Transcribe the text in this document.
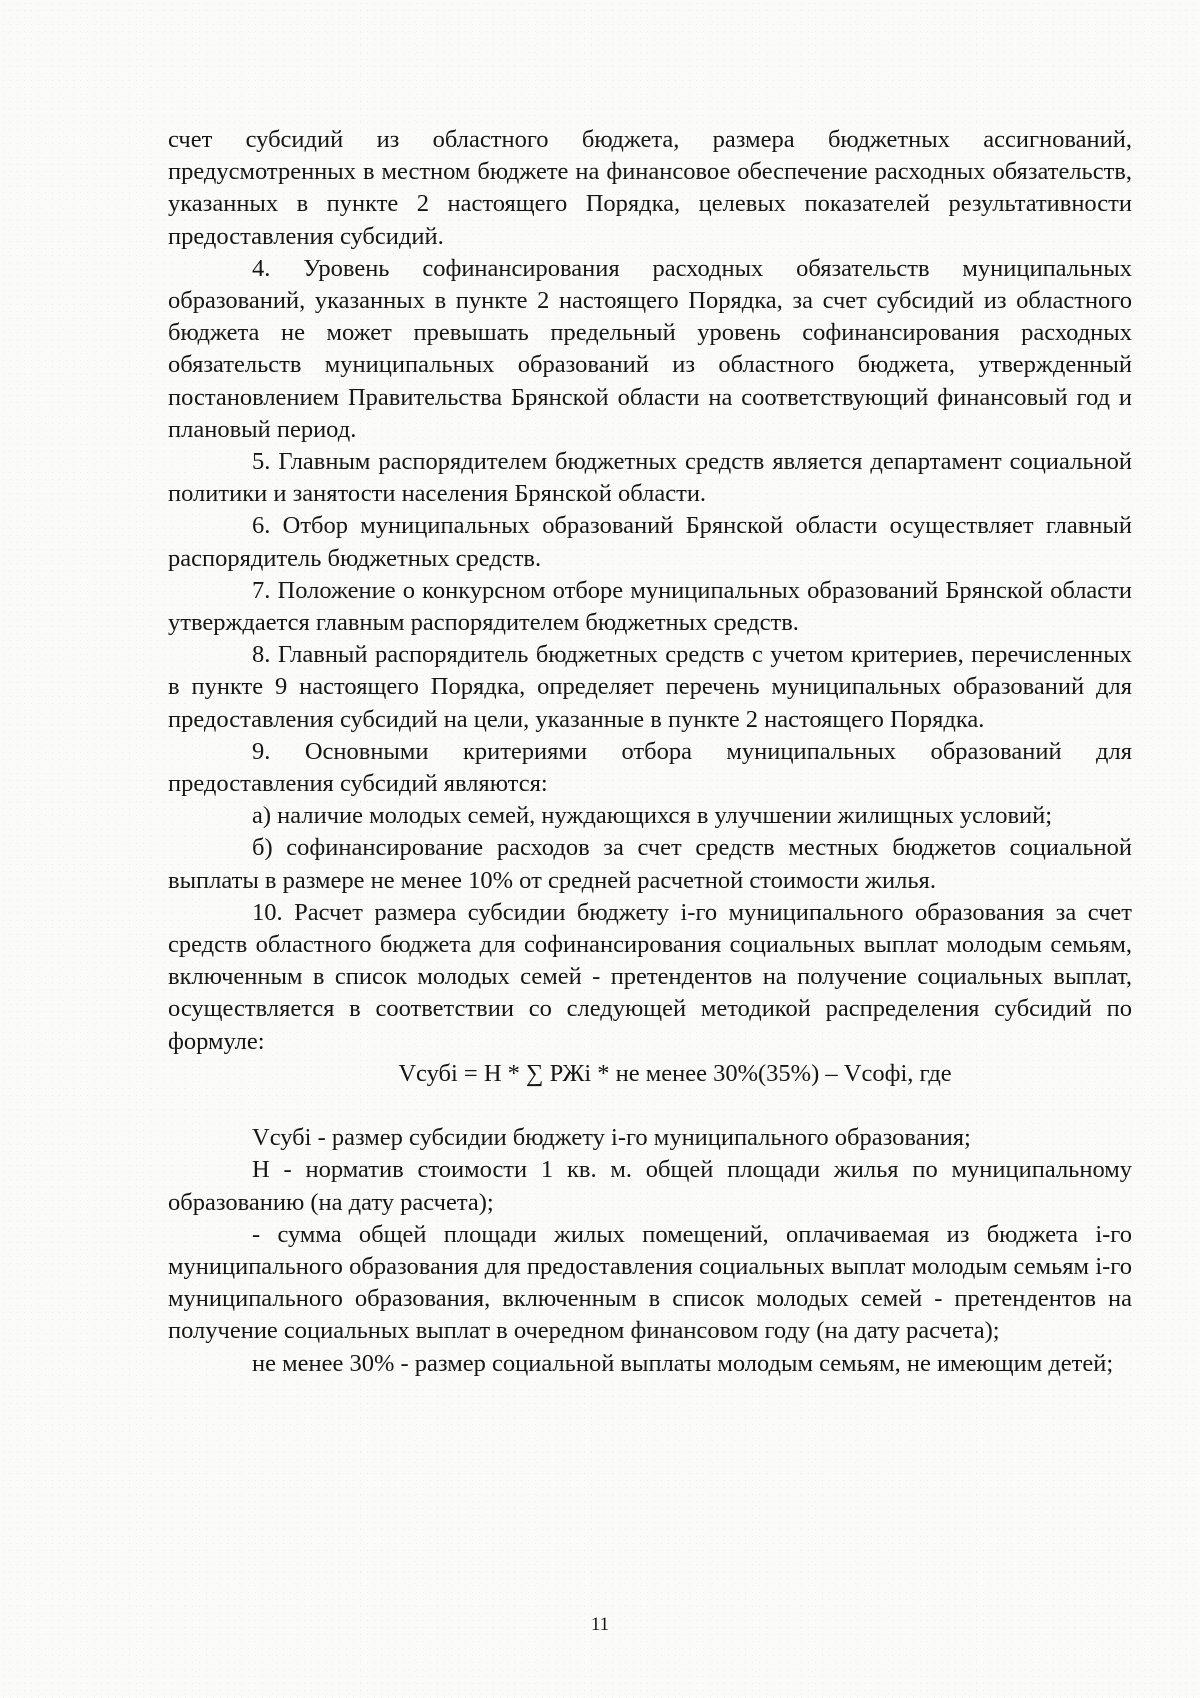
счет субсидий из областного бюджета, размера бюджетных ассигнований, предусмотренных в местном бюджете на финансовое обеспечение расходных обязательств, указанных в пункте 2 настоящего Порядка, целевых показателей результативности предоставления субсидий.

4. Уровень софинансирования расходных обязательств муниципальных образований, указанных в пункте 2 настоящего Порядка, за счет субсидий из областного бюджета не может превышать предельный уровень софинансирования расходных обязательств муниципальных образований из областного бюджета, утвержденный постановлением Правительства Брянской области на соответствующий финансовый год и плановый период.

5. Главным распорядителем бюджетных средств является департамент социальной политики и занятости населения Брянской области.

6. Отбор муниципальных образований Брянской области осуществляет главный распорядитель бюджетных средств.

7. Положение о конкурсном отборе муниципальных образований Брянской области утверждается главным распорядителем бюджетных средств.

8. Главный распорядитель бюджетных средств с учетом критериев, перечисленных в пункте 9 настоящего Порядка, определяет перечень муниципальных образований для предоставления субсидий на цели, указанные в пункте 2 настоящего Порядка.

9. Основными критериями отбора муниципальных образований для предоставления субсидий являются:

а) наличие молодых семей, нуждающихся в улучшении жилищных условий;

б) софинансирование расходов за счет средств местных бюджетов социальной выплаты в размере не менее 10% от средней расчетной стоимости жилья.

10. Расчет размера субсидии бюджету i-го муниципального образования за счет средств областного бюджета для софинансирования социальных выплат молодым семьям, включенным в список молодых семей - претендентов на получение социальных выплат, осуществляется в соответствии со следующей методикой распределения субсидий по формуле:

Vсубi = Н * ∑ РЖi * не менее 30%(35%) – Vсофi, где

Vсубi - размер субсидии бюджету i-го муниципального образования;

Н - норматив стоимости 1 кв. м. общей площади жилья по муниципальному образованию (на дату расчета);

- сумма общей площади жилых помещений, оплачиваемая из бюджета i-го муниципального образования для предоставления социальных выплат молодым семьям i-го муниципального образования, включенным в список молодых семей - претендентов на получение социальных выплат в очередном финансовом году (на дату расчета);

не менее 30% - размер социальной выплаты молодым семьям, не имеющим детей;

11
